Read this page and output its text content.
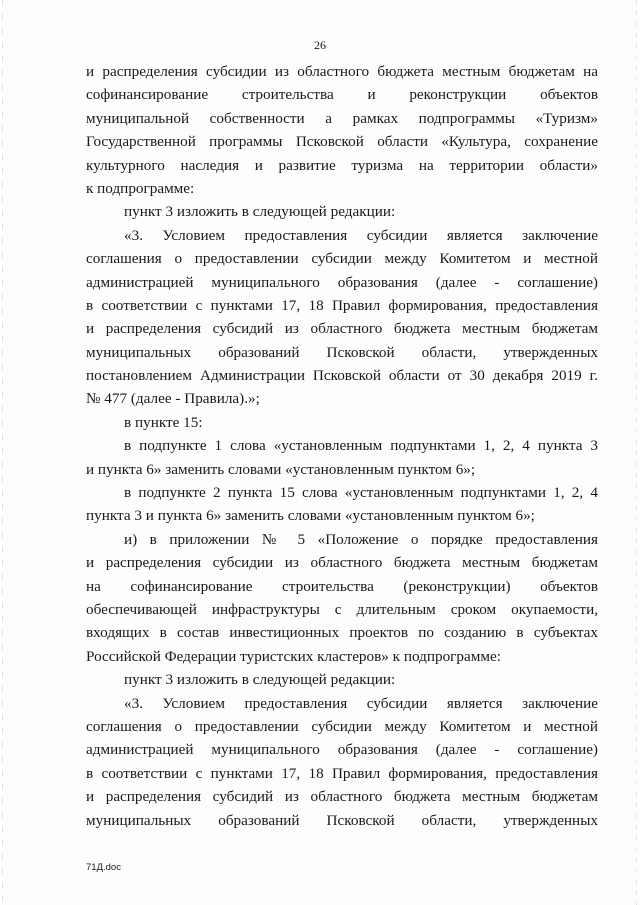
26
и распределения субсидии из областного бюджета местным бюджетам на
софинансирование строительства и реконструкции объектов
муниципальной собственности а рамках подпрограммы «Туризм»
Государственной программы Псковской области «Культура, сохранение
культурного наследия и развитие туризма на территории области»
к подпрограмме:
пункт 3 изложить в следующей редакции:
«3. Условием предоставления субсидии является заключение
соглашения о предоставлении субсидии между Комитетом и местной
администрацией муниципального образования (далее - соглашение)
в соответствии с пунктами 17, 18 Правил формирования, предоставления
и распределения субсидий из областного бюджета местным бюджетам
муниципальных образований Псковской области, утвержденных
постановлением Администрации Псковской области от 30 декабря 2019 г.
№ 477 (далее - Правила).»;
в пункте 15:
в подпункте 1 слова «установленным подпунктами 1, 2, 4 пункта 3
и пункта 6» заменить словами «установленным пунктом 6»;
в подпункте 2 пункта 15 слова «установленным подпунктами 1, 2, 4
пункта 3 и пункта 6» заменить словами «установленным пунктом 6»;
и) в приложении № 5 «Положение о порядке предоставления
и распределения субсидии из областного бюджета местным бюджетам
на софинансирование строительства (реконструкции) объектов
обеспечивающей инфраструктуры с длительным сроком окупаемости,
входящих в состав инвестиционных проектов по созданию в субъектах
Российской Федерации туристских кластеров» к подпрограмме:
пункт 3 изложить в следующей редакции:
«3. Условием предоставления субсидии является заключение
соглашения о предоставлении субсидии между Комитетом и местной
администрацией муниципального образования (далее - соглашение)
в соответствии с пунктами 17, 18 Правил формирования, предоставления
и распределения субсидий из областного бюджета местным бюджетам
муниципальных образований Псковской области, утвержденных
71Д.doc
